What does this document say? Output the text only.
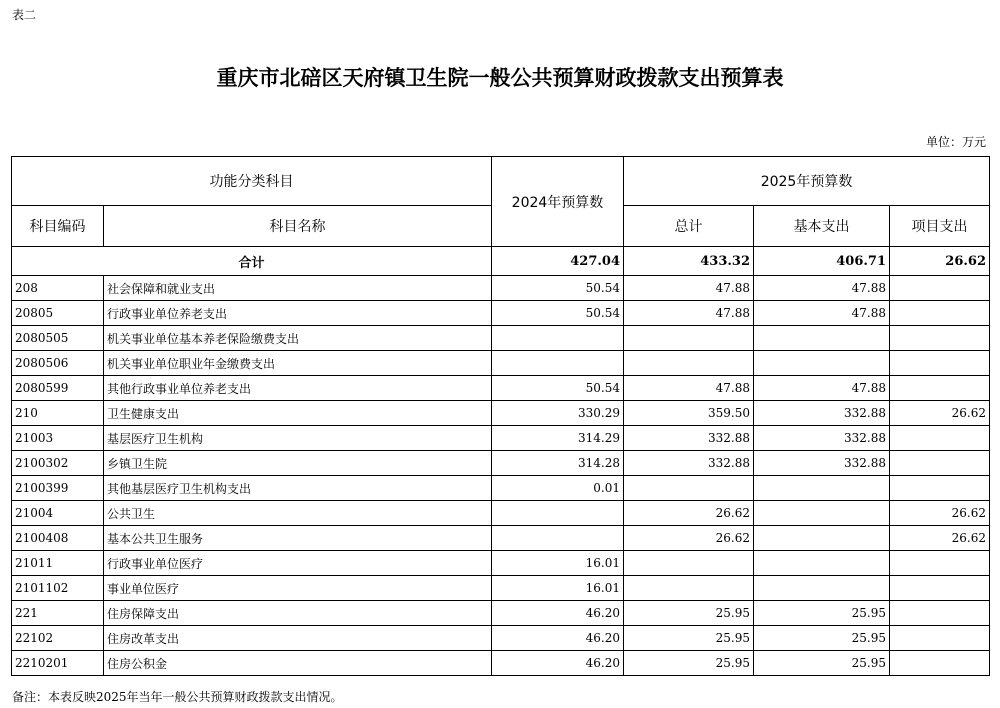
表二
重庆市北碚区天府镇卫生院一般公共预算财政拨款支出预算表
单位：万元
功能分类科目		2024年预算数	2025年预算数		
科目编码	科目名称		总计	基本支出	项目支出
合计		427.04	433.32	406.71	26.62
208	社会保障和就业支出	50.54	47.88	47.88	
20805	行政事业单位养老支出	50.54	47.88	47.88	
2080505	机关事业单位基本养老保险缴费支出				
2080506	机关事业单位职业年金缴费支出				
2080599	其他行政事业单位养老支出	50.54	47.88	47.88	
210	卫生健康支出	330.29	359.50	332.88	26.62
21003	基层医疗卫生机构	314.29	332.88	332.88	
2100302	乡镇卫生院	314.28	332.88	332.88	
2100399	其他基层医疗卫生机构支出	0.01			
21004	公共卫生		26.62		26.62
2100408	基本公共卫生服务		26.62		26.62
21011	行政事业单位医疗	16.01			
2101102	事业单位医疗	16.01			
221	住房保障支出	46.20	25.95	25.95	
22102	住房改革支出	46.20	25.95	25.95	
2210201	住房公积金	46.20	25.95	25.95	
备注：本表反映2025年当年一般公共预算财政拨款支出情况。
